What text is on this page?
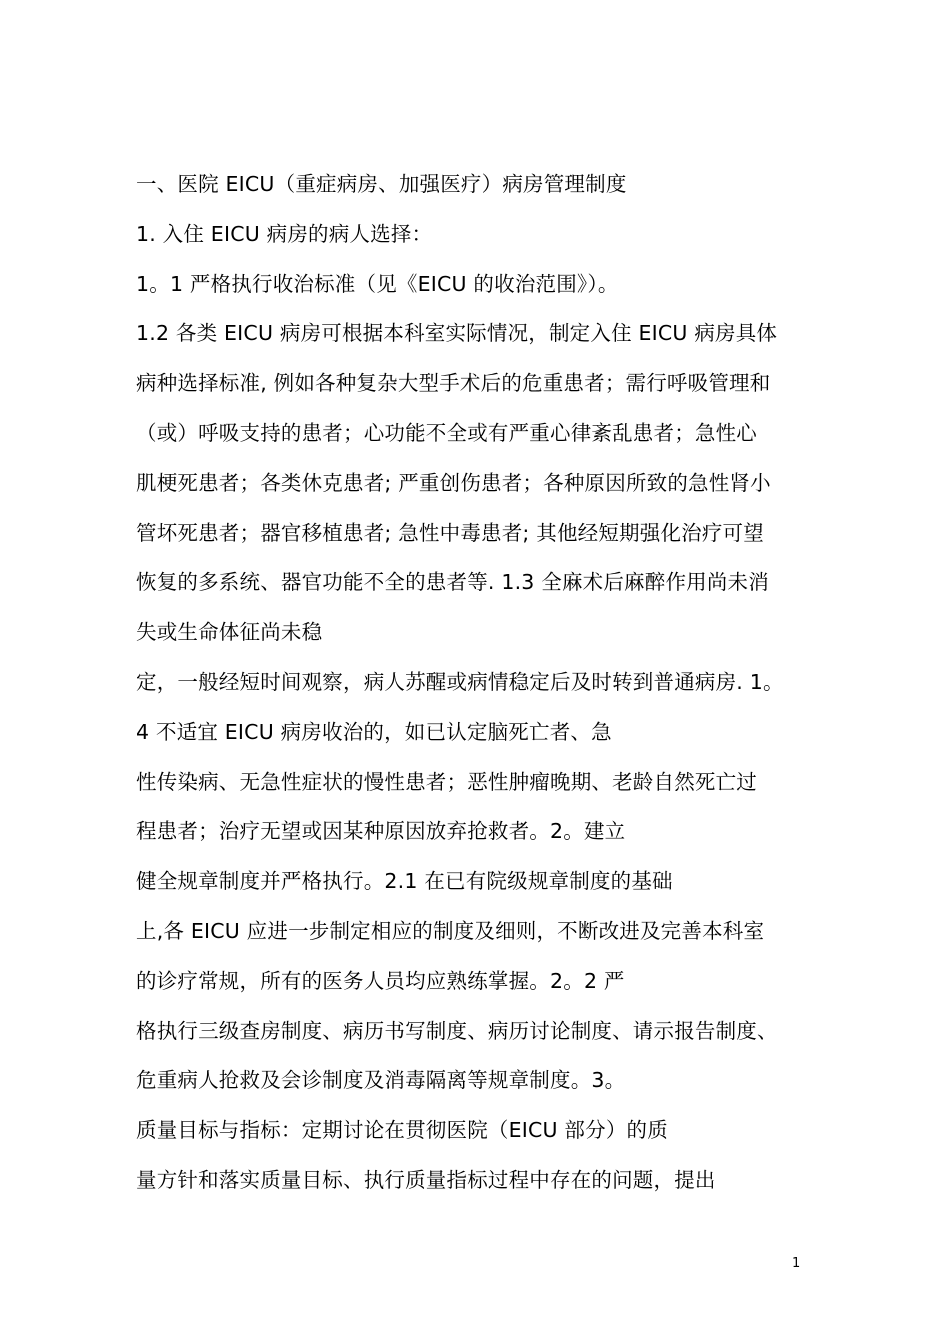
一、医院 EICU（重症病房、加强医疗）病房管理制度
1. 入住 EICU 病房的病人选择：
1。1 严格执行收治标准（见《EICU 的收治范围》）。
1.2 各类 EICU 病房可根据本科室实际情况，制定入住 EICU 病房具体
病种选择标准, 例如各种复杂大型手术后的危重患者；需行呼吸管理和
（或）呼吸支持的患者；心功能不全或有严重心律紊乱患者；急性心
肌梗死患者；各类休克患者; 严重创伤患者；各种原因所致的急性肾小
管坏死患者；器官移植患者; 急性中毒患者; 其他经短期强化治疗可望
恢复的多系统、器官功能不全的患者等. 1.3 全麻术后麻醉作用尚未消
失或生命体征尚未稳
定，一般经短时间观察，病人苏醒或病情稳定后及时转到普通病房. 1。
4 不适宜 EICU 病房收治的，如已认定脑死亡者、急
性传染病、无急性症状的慢性患者；恶性肿瘤晚期、老龄自然死亡过
程患者；治疗无望或因某种原因放弃抢救者。2。建立
健全规章制度并严格执行。2.1 在已有院级规章制度的基础
上,各 EICU 应进一步制定相应的制度及细则，不断改进及完善本科室
的诊疗常规，所有的医务人员均应熟练掌握。2。2 严
格执行三级查房制度、病历书写制度、病历讨论制度、请示报告制度、
危重病人抢救及会诊制度及消毒隔离等规章制度。3。
质量目标与指标：定期讨论在贯彻医院（EICU 部分）的质
量方针和落实质量目标、执行质量指标过程中存在的问题，提出
1
